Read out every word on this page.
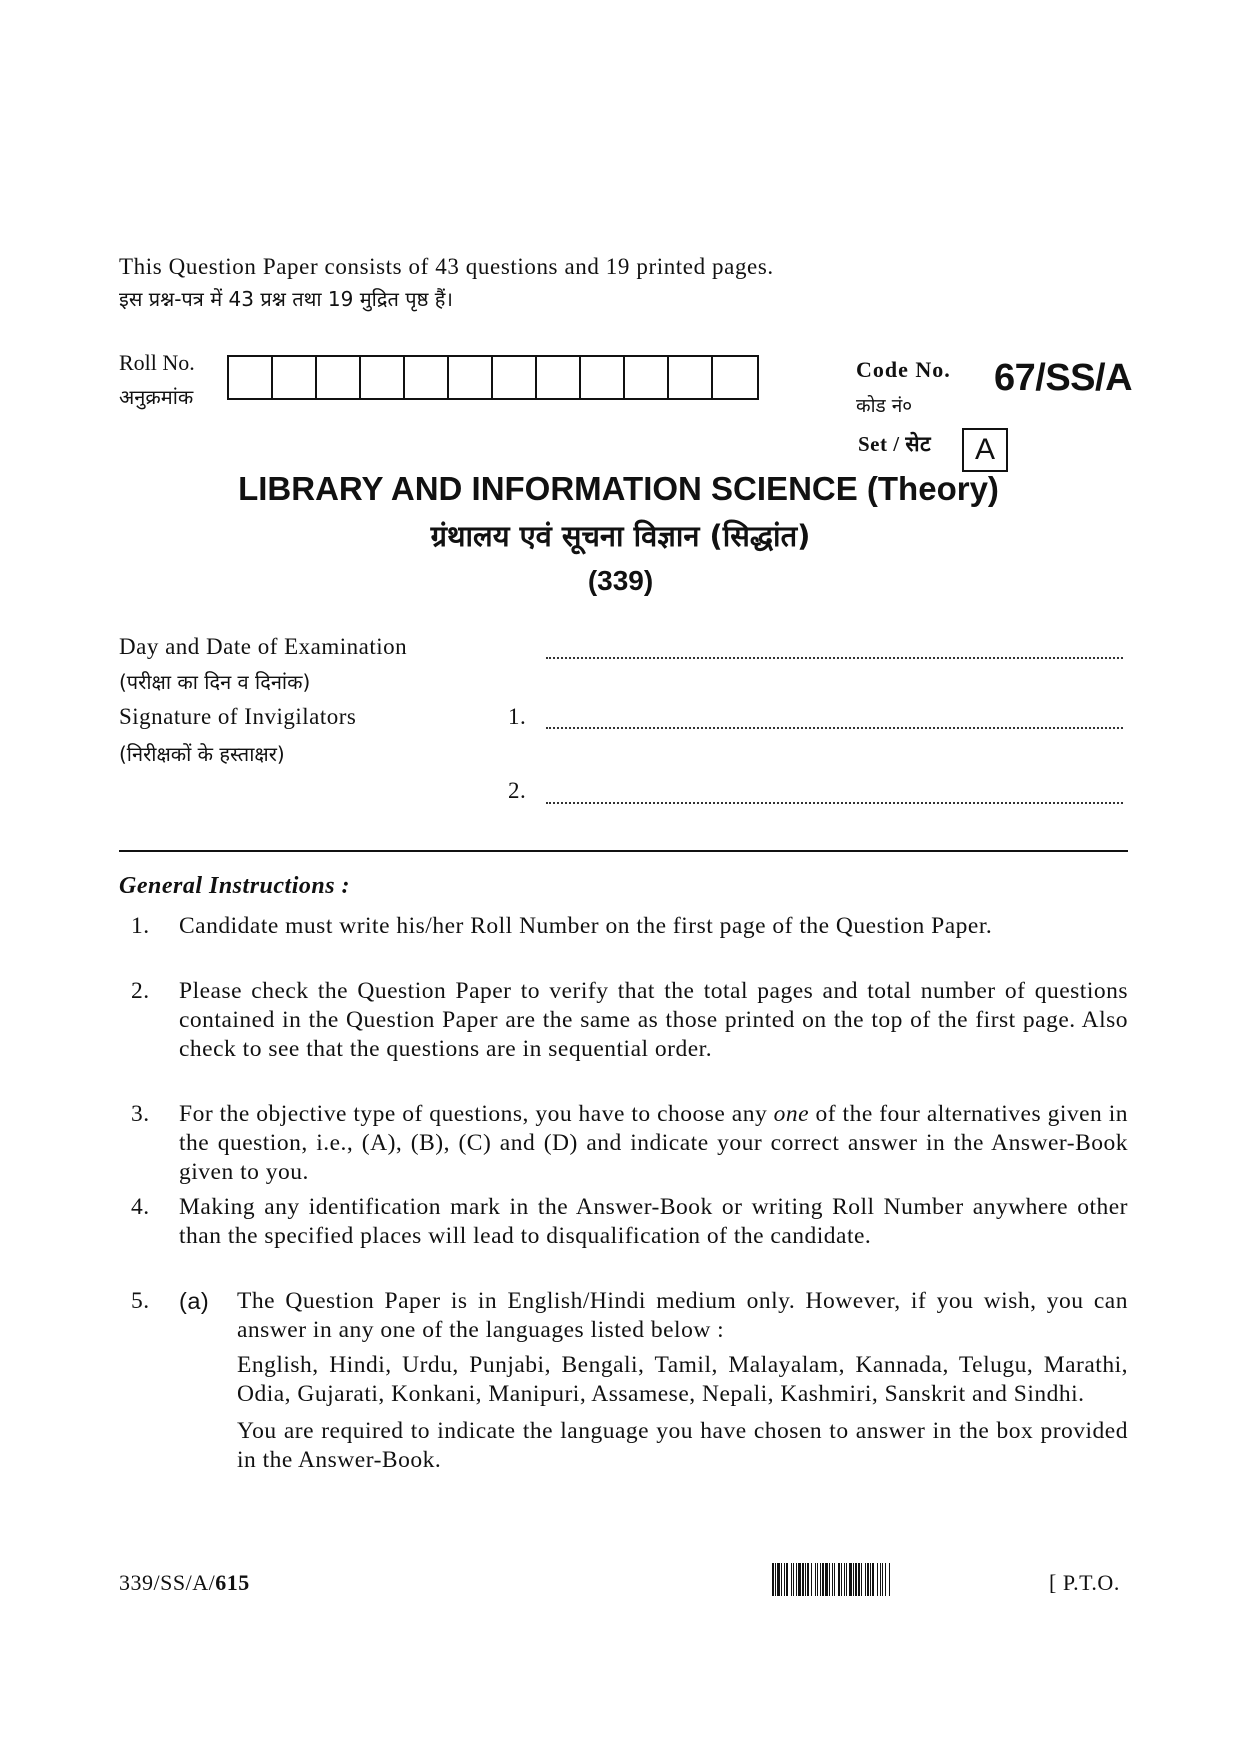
This Question Paper consists of 43 questions and 19 printed pages.
इस प्रश्न-पत्र में 43 प्रश्न तथा 19 मुद्रित पृष्ठ हैं।
Roll No.
अनुक्रमांक
Code No.
कोड नं०
67/SS/A
Set / सेट	A
LIBRARY AND INFORMATION SCIENCE (Theory)
ग्रंथालय एवं सूचना विज्ञान (सिद्धांत)
(339)
Day and Date of Examination
(परीक्षा का दिन व दिनांक)
Signature of Invigilators
(निरीक्षकों के हस्ताक्षर)
1.
2.
General Instructions :
1. Candidate must write his/her Roll Number on the first page of the Question Paper.
2. Please check the Question Paper to verify that the total pages and total number of questions contained in the Question Paper are the same as those printed on the top of the first page. Also check to see that the questions are in sequential order.
3. For the objective type of questions, you have to choose any one of the four alternatives given in the question, i.e., (A), (B), (C) and (D) and indicate your correct answer in the Answer-Book given to you.
4. Making any identification mark in the Answer-Book or writing Roll Number anywhere other than the specified places will lead to disqualification of the candidate.
5. (a) The Question Paper is in English/Hindi medium only. However, if you wish, you can answer in any one of the languages listed below :
English, Hindi, Urdu, Punjabi, Bengali, Tamil, Malayalam, Kannada, Telugu, Marathi, Odia, Gujarati, Konkani, Manipuri, Assamese, Nepali, Kashmiri, Sanskrit and Sindhi.
You are required to indicate the language you have chosen to answer in the box provided in the Answer-Book.
339/SS/A/615	[ P.T.O.
